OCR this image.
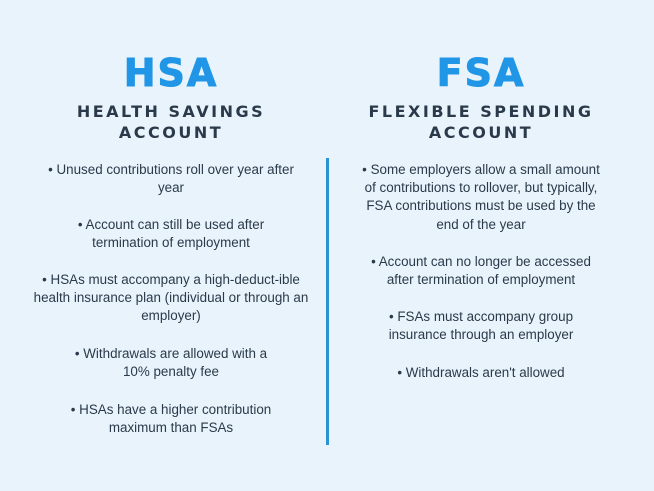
HSA
HEALTH SAVINGS ACCOUNT
• Unused contributions roll over year after year
• Account can still be used after termination of employment
• HSAs must accompany a high-deduct-ible health insurance plan (individual or through an employer)
• Withdrawals are allowed with a 10% penalty fee
• HSAs have a higher contribution maximum than FSAs
FSA
FLEXIBLE SPENDING ACCOUNT
• Some employers allow a small amount of contributions to rollover, but typically, FSA contributions must be used by the end of the year
• Account can no longer be accessed after termination of employment
• FSAs must accompany group insurance through an employer
• Withdrawals aren't allowed
